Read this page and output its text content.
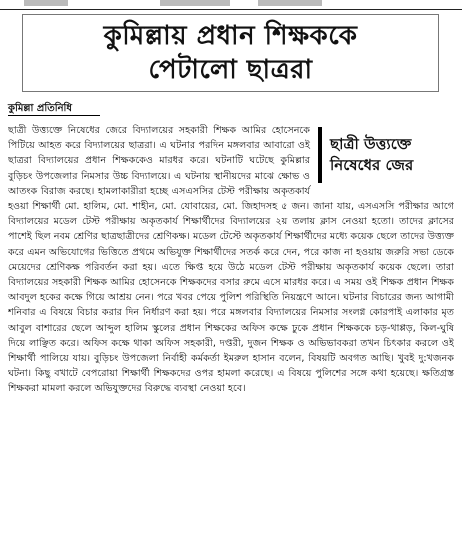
কুমিল্লায় প্রধান শিক্ষককে
পেটালো ছাত্ররা
কুমিল্লা প্রতিনিধি
ছাত্রী উত্ত্যক্তে
নিষেধের জের

ছাত্রী উত্ত্যক্তে নিষেধের জেরে বিদ্যালয়ের সহকারী শিক্ষক আমির হোসেনকে পিটিয়ে আহত করে বিদ্যালয়ের ছাত্ররা। এ ঘটনার পরদিন মঙ্গলবার আবারো ওই ছাত্ররা বিদ্যালয়ের প্রধান শিক্ষককেও মারধর করে। ঘটনাটি ঘটেছে কুমিল্লার বুড়িচং উপজেলার নিমসার উচ্চ বিদ্যালয়ে। এ ঘটনায় স্থানীয়দের মাঝে ক্ষোভ ও আতংক বিরাজ করছে। হামলাকারীরা হচ্ছে এসএসসির টেস্ট পরীক্ষায় অকৃতকার্য হওয়া শিক্ষার্থী মো. হালিম, মো. শাহীন, মো. যোবায়ের, মো. জিহাদসহ ৫ জন। জানা যায়, এসএসসি পরীক্ষার আগে বিদ্যালয়ের মডেল টেস্ট পরীক্ষায় অকৃতকার্য শিক্ষার্থীদের বিদ্যালয়ের ২য় তলায় ক্লাস নেওয়া হতো। তাদের ক্লাসের পাশেই ছিল নবম শ্রেণির ছাত্রছাত্রীদের শ্রেণিকক্ষ। মডেল টেস্টে অকৃতকার্য শিক্ষার্থীদের মধ্যে কয়েক ছেলে তাদের উত্ত্যক্ত করে এমন অভিযোগের ভিত্তিতে প্রথমে অভিযুক্ত শিক্ষার্থীদের সতর্ক করে দেন, পরে কাজ না হওয়ায় জরুরি সভা ডেকে মেয়েদের শ্রেণিকক্ষ পরিবর্তন করা হয়। এতে ক্ষিপ্ত হয়ে উঠে মডেল টেস্ট পরীক্ষায় অকৃতকার্য কয়েক ছেলে। তারা বিদ্যালয়ের সহকারী শিক্ষক আমির হোসেনকে শিক্ষকদের বসার রুমে এসে মারধর করে। এ সময় ওই শিক্ষক প্রধান শিক্ষক আবদুল হকের কক্ষে গিয়ে আশ্রয় নেন। পরে খবর পেয়ে পুলিশ পরিস্থিতি নিয়ন্ত্রণে আনে। ঘটনার বিচারের জন্য আগামী শনিবার এ বিষয়ে বিচার করার দিন নির্ধারণ করা হয়। পরে মঙ্গলবার বিদ্যালয়ের নিমসার সংলগ্ন কোরপাই এলাকার মৃত আবুল বাশারের ছেলে আব্দুল হালিম স্কুলের প্রধান শিক্ষকের অফিস কক্ষে ঢুকে প্রধান শিক্ষককে চড়-থাপ্পড়, কিল-ঘুষি দিয়ে লাঞ্ছিত করে। অফিস কক্ষে থাকা অফিস সহকারী, দপ্তরী, দুজন শিক্ষক ও অভিভাবকরা তখন চিৎকার করলে ওই শিক্ষার্থী পালিয়ে যায়। বুড়িচং উপজেলা নির্বাহী কর্মকর্তা ইমরুল হাসান বলেন, বিষয়টি অবগত আছি। খুবই দু:খজনক ঘটনা। কিছু বখাটে বেপরোয়া শিক্ষার্থী শিক্ষকদের ওপর হামলা করেছে। এ বিষয়ে পুলিশের সঙ্গে কথা হয়েছে। ক্ষতিগ্রস্ত শিক্ষকরা মামলা করলে অভিযুক্তদের বিরুদ্ধে ব্যবস্থা নেওয়া হবে।
